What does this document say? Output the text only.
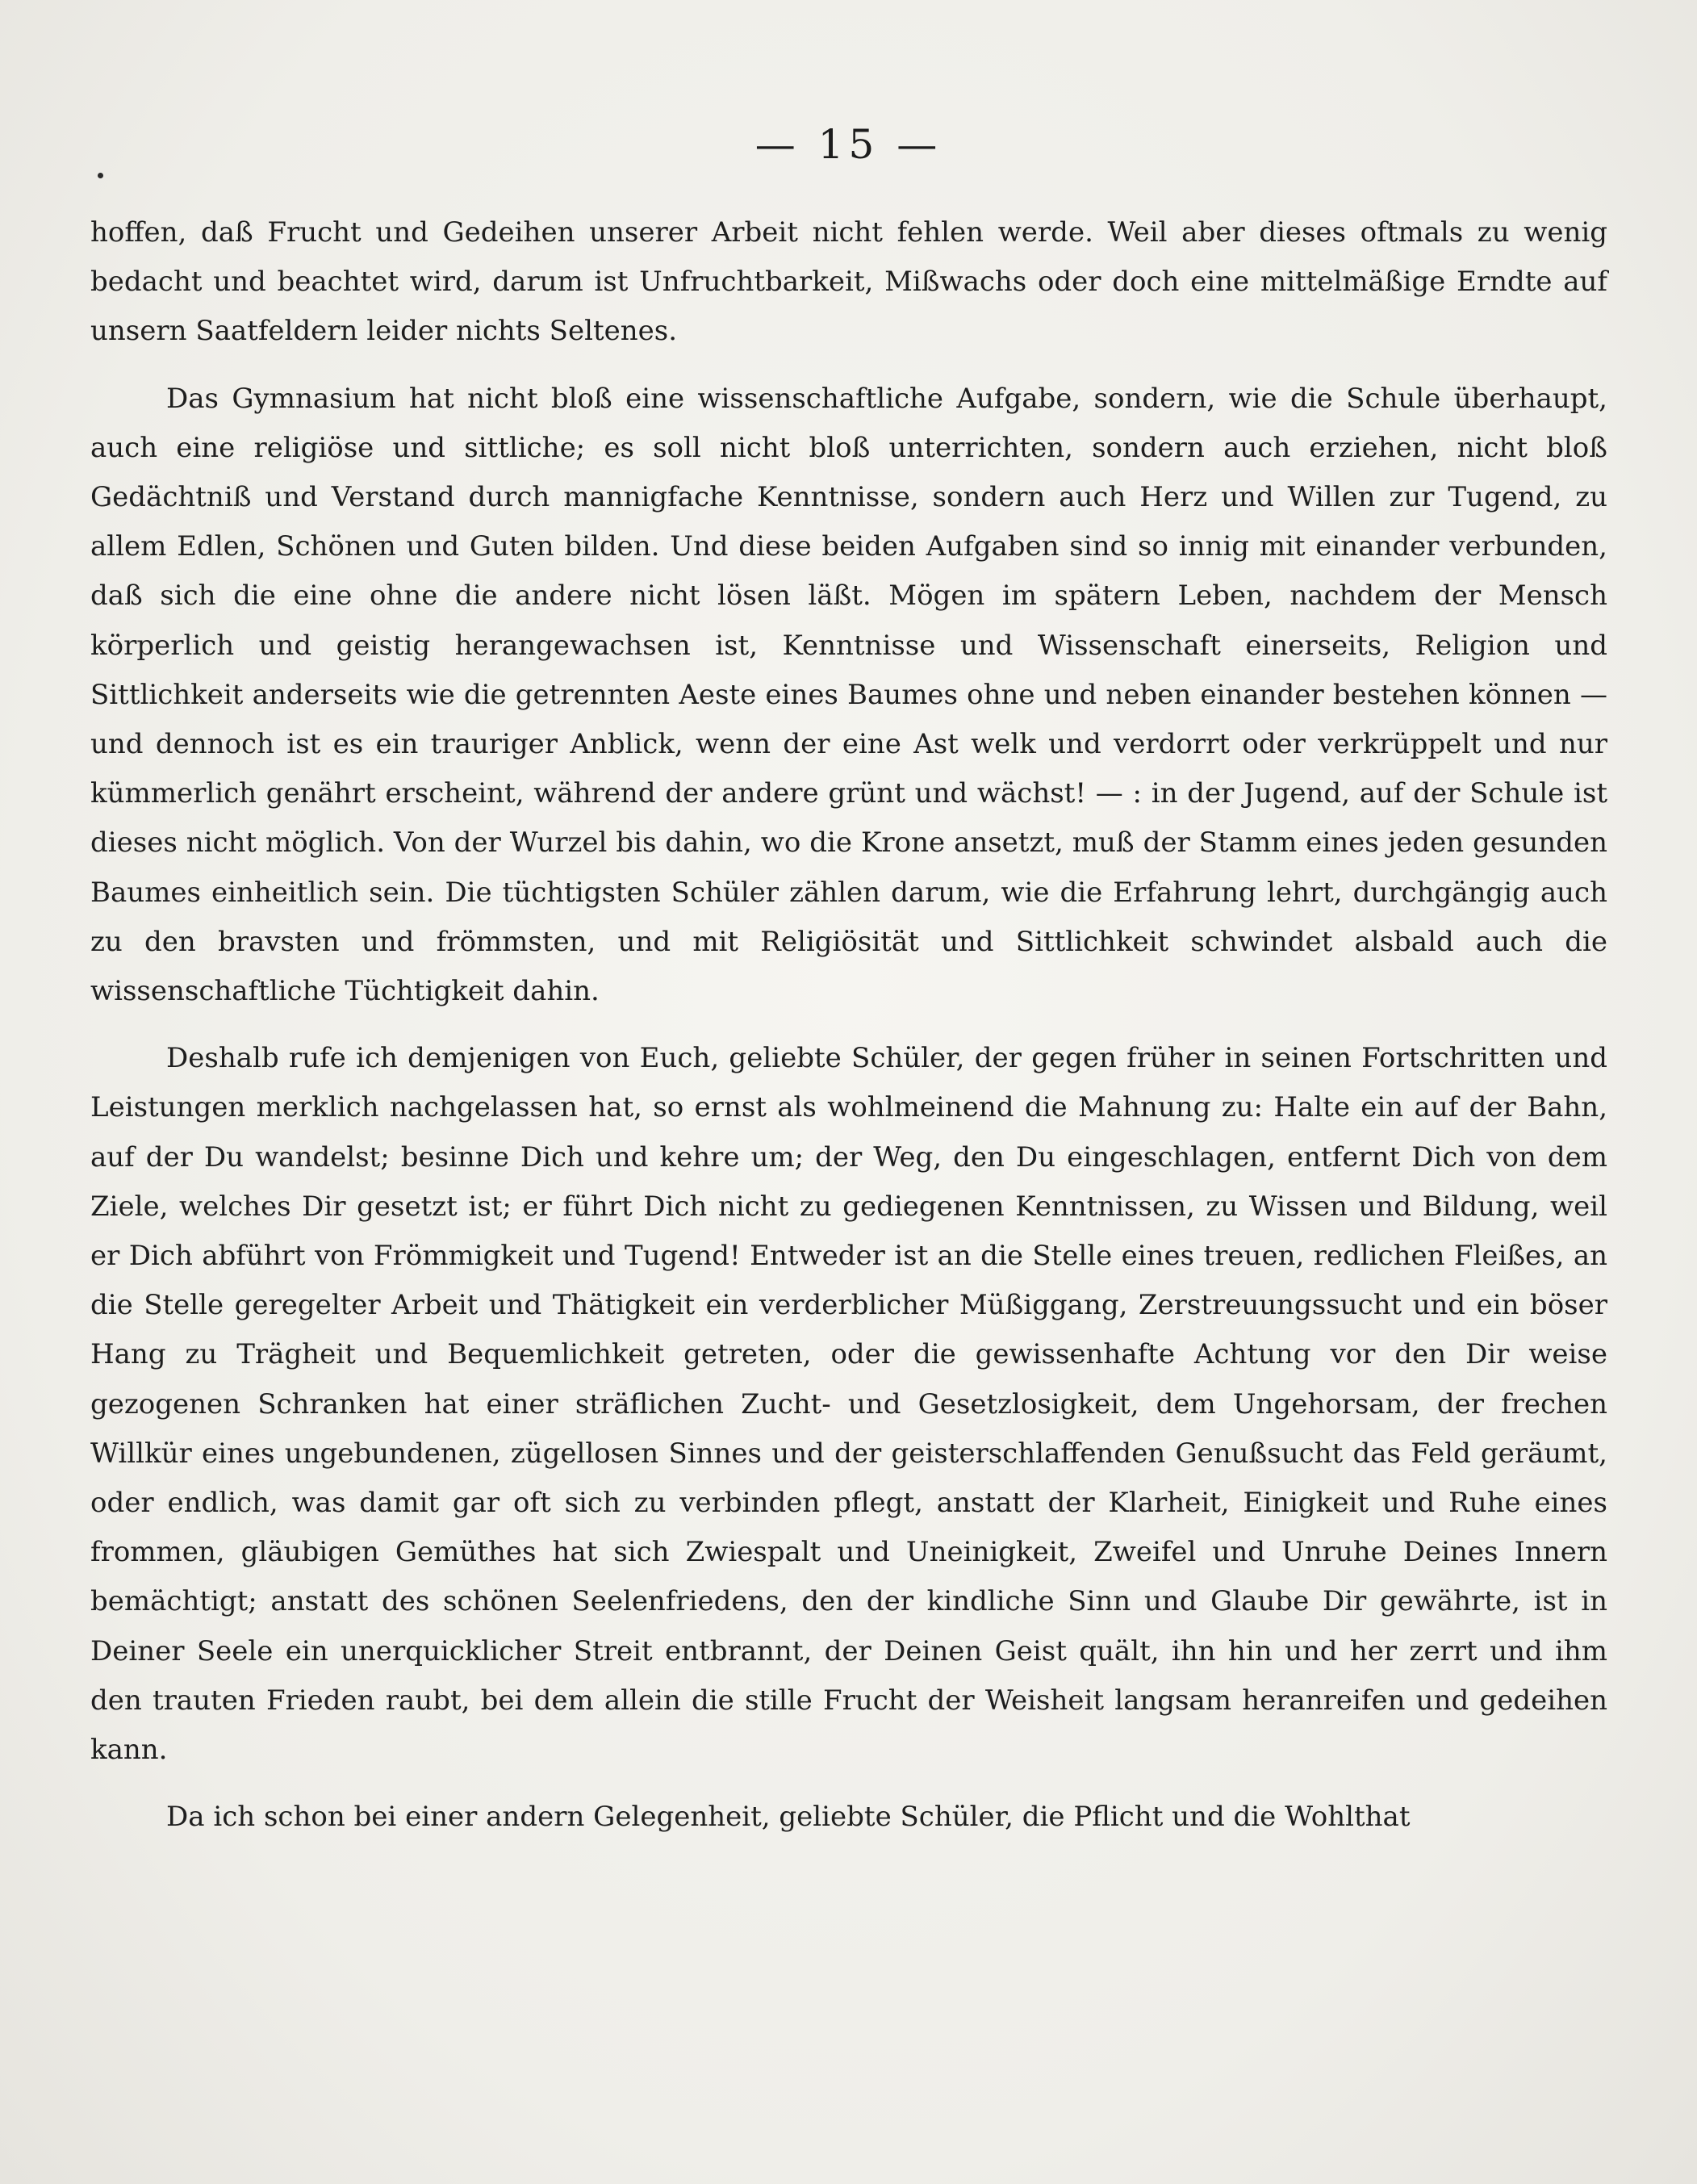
— 15 —

hoffen, daß Frucht und Gedeihen unserer Arbeit nicht fehlen werde. Weil aber dieses oftmals zu wenig bedacht und beachtet wird, darum ist Unfruchtbarkeit, Mißwachs oder doch eine mittelmäßige Erndte auf unsern Saatfeldern leider nichts Seltenes.

Das Gymnasium hat nicht bloß eine wissenschaftliche Aufgabe, sondern, wie die Schule überhaupt, auch eine religiöse und sittliche; es soll nicht bloß unterrichten, sondern auch erziehen, nicht bloß Gedächtniß und Verstand durch mannigfache Kenntnisse, sondern auch Herz und Willen zur Tugend, zu allem Edlen, Schönen und Guten bilden. Und diese beiden Aufgaben sind so innig mit einander verbunden, daß sich die eine ohne die andere nicht lösen läßt. Mögen im spätern Leben, nachdem der Mensch körperlich und geistig herangewachsen ist, Kenntnisse und Wissenschaft einerseits, Religion und Sittlichkeit anderseits wie die getrennten Aeste eines Baumes ohne und neben einander bestehen können — und dennoch ist es ein trauriger Anblick, wenn der eine Ast welk und verdorrt oder verkrüppelt und nur kümmerlich genährt erscheint, während der andere grünt und wächst! — : in der Jugend, auf der Schule ist dieses nicht möglich. Von der Wurzel bis dahin, wo die Krone ansetzt, muß der Stamm eines jeden gesunden Baumes einheitlich sein. Die tüchtigsten Schüler zählen darum, wie die Erfahrung lehrt, durchgängig auch zu den bravsten und frömmsten, und mit Religiösität und Sittlichkeit schwindet alsbald auch die wissenschaftliche Tüchtigkeit dahin.

Deshalb rufe ich demjenigen von Euch, geliebte Schüler, der gegen früher in seinen Fortschritten und Leistungen merklich nachgelassen hat, so ernst als wohlmeinend die Mahnung zu: Halte ein auf der Bahn, auf der Du wandelst; besinne Dich und kehre um; der Weg, den Du eingeschlagen, entfernt Dich von dem Ziele, welches Dir gesetzt ist; er führt Dich nicht zu gediegenen Kenntnissen, zu Wissen und Bildung, weil er Dich abführt von Frömmigkeit und Tugend! Entweder ist an die Stelle eines treuen, redlichen Fleißes, an die Stelle geregelter Arbeit und Thätigkeit ein verderblicher Müßiggang, Zerstreuungssucht und ein böser Hang zu Trägheit und Bequemlichkeit getreten, oder die gewissenhafte Achtung vor den Dir weise gezogenen Schranken hat einer sträflichen Zucht- und Gesetzlosigkeit, dem Ungehorsam, der frechen Willkür eines ungebundenen, zügellosen Sinnes und der geisterschlaffenden Genußsucht das Feld geräumt, oder endlich, was damit gar oft sich zu verbinden pflegt, anstatt der Klarheit, Einigkeit und Ruhe eines frommen, gläubigen Gemüthes hat sich Zwiespalt und Uneinigkeit, Zweifel und Unruhe Deines Innern bemächtigt; anstatt des schönen Seelenfriedens, den der kindliche Sinn und Glaube Dir gewährte, ist in Deiner Seele ein unerquicklicher Streit entbrannt, der Deinen Geist quält, ihn hin und her zerrt und ihm den trauten Frieden raubt, bei dem allein die stille Frucht der Weisheit langsam heranreifen und gedeihen kann.

Da ich schon bei einer andern Gelegenheit, geliebte Schüler, die Pflicht und die Wohlthat
